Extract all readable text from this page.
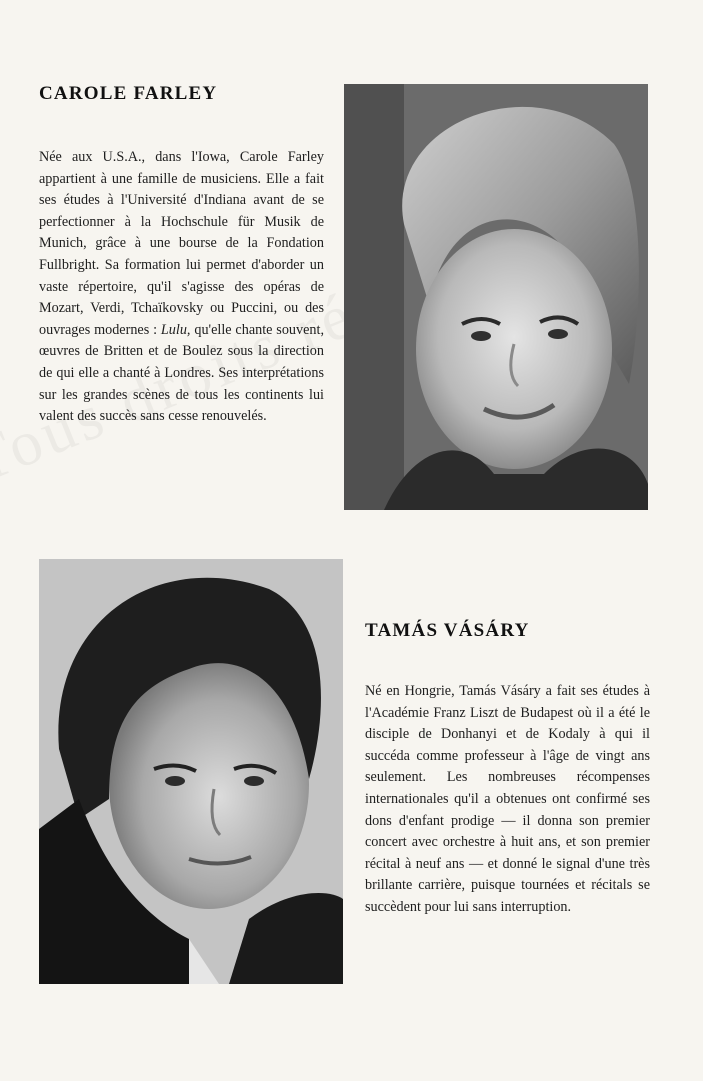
CAROLE FARLEY

Née aux U.S.A., dans l'Iowa, Carole Farley appartient à une famille de musiciens. Elle a fait ses études à l'Université d'Indiana avant de se perfectionner à la Hochschule für Musik de Munich, grâce à une bourse de la Fondation Fullbright. Sa formation lui permet d'aborder un vaste répertoire, qu'il s'agisse des opéras de Mozart, Verdi, Tchaïkovsky ou Puccini, ou des ouvrages modernes : Lulu, qu'elle chante souvent, œuvres de Britten et de Boulez sous la direction de qui elle a chanté à Londres. Ses interprétations sur les grandes scènes de tous les continents lui valent des succès sans cesse renouvelés.

TAMÁS VÁSÁRY

Né en Hongrie, Tamás Vásáry a fait ses études à l'Académie Franz Liszt de Budapest où il a été le disciple de Donhanyi et de Kodaly à qui il succéda comme professeur à l'âge de vingt ans seulement. Les nombreuses récompenses internationales qu'il a obtenues ont confirmé ses dons d'enfant prodige — il donna son premier concert avec orchestre à huit ans, et son premier récital à neuf ans — et donné le signal d'une très brillante carrière, puisque tournées et récitals se succèdent pour lui sans interruption.
